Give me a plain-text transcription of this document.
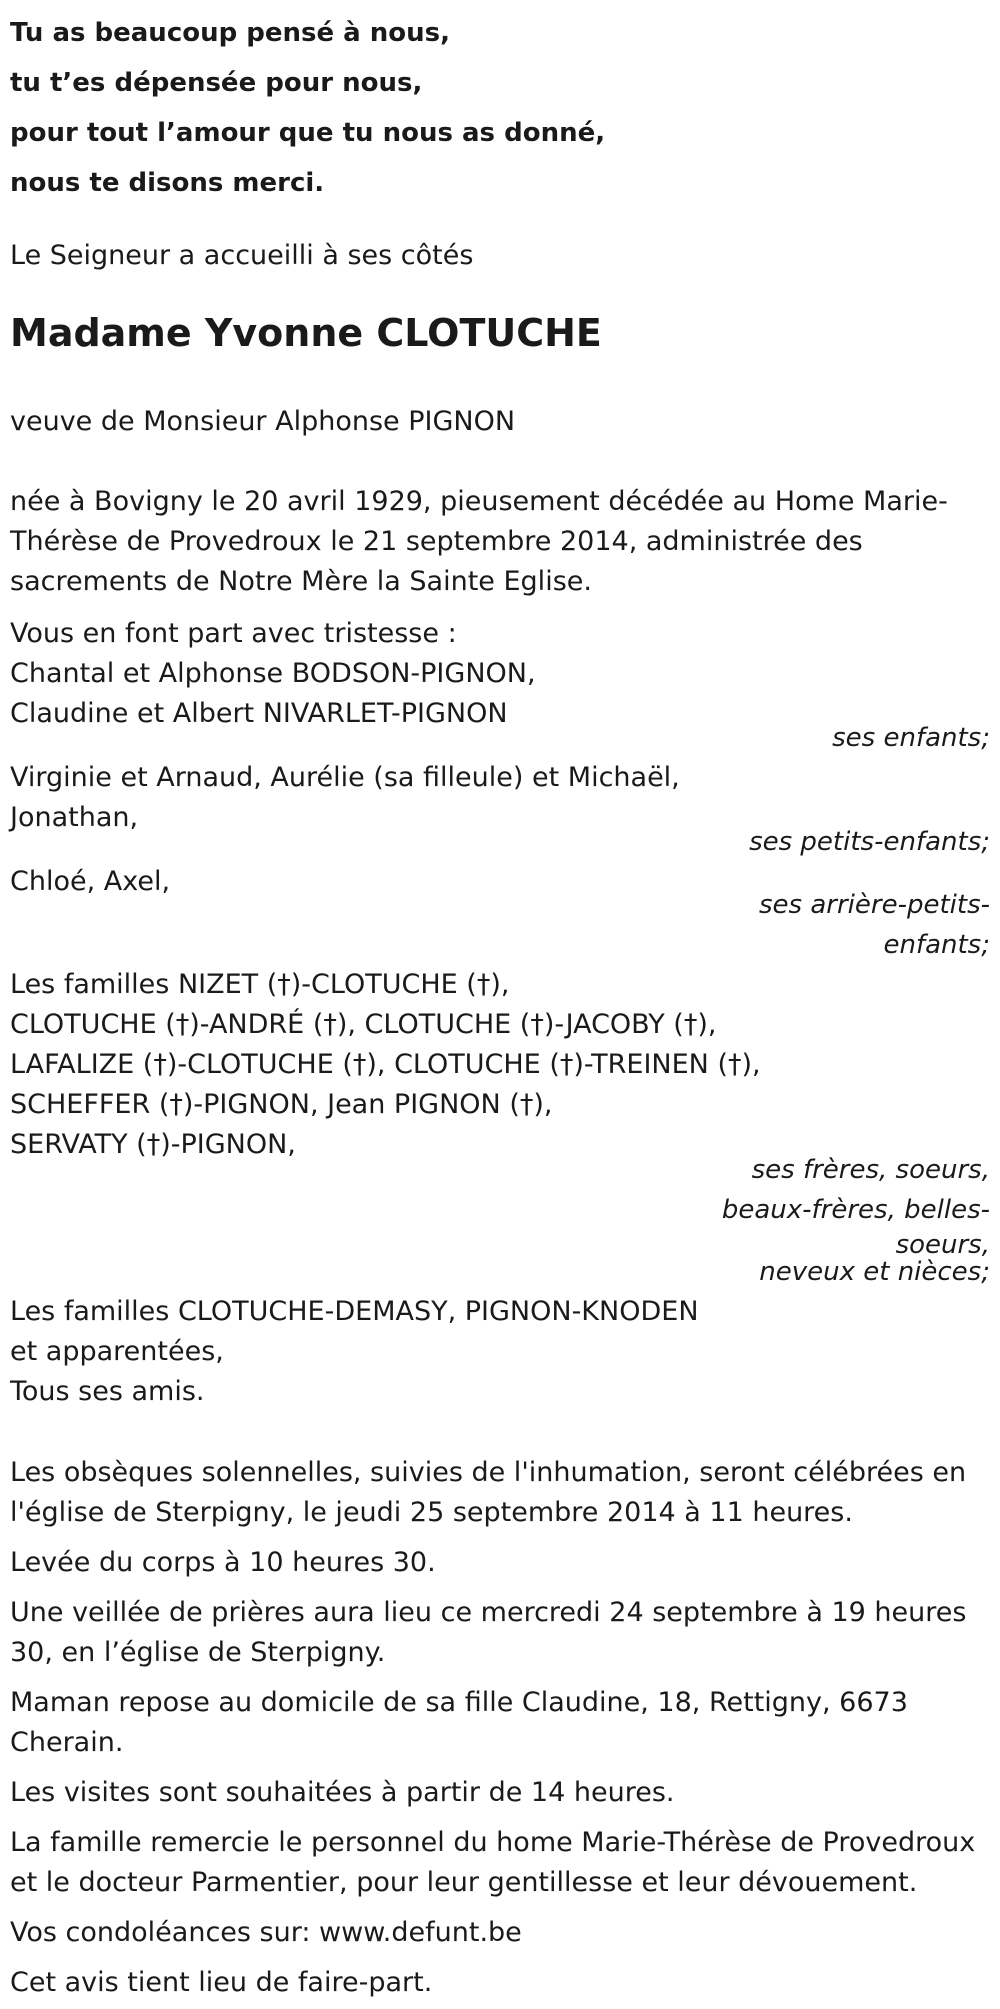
Tu as beaucoup pensé à nous,
tu t’es dépensée pour nous,
pour tout l’amour que tu nous as donné,
nous te disons merci.
Le Seigneur a accueilli à ses côtés
Madame Yvonne CLOTUCHE
veuve de Monsieur Alphonse PIGNON
née à Bovigny le 20 avril 1929, pieusement décédée au Home Marie-
Thérèse de Provedroux le 21 septembre 2014, administrée des
sacrements de Notre Mère la Sainte Eglise.
Vous en font part avec tristesse :
Chantal et Alphonse BODSON-PIGNON,
Claudine et Albert NIVARLET-PIGNON
ses enfants;
Virginie et Arnaud, Aurélie (sa filleule) et Michaël,
Jonathan,
ses petits-enfants;
Chloé, Axel,
ses arrière-petits-
enfants;
Les familles NIZET (†)-CLOTUCHE (†),
CLOTUCHE (†)-ANDRÉ (†), CLOTUCHE (†)-JACOBY (†),
LAFALIZE (†)-CLOTUCHE (†), CLOTUCHE (†)-TREINEN (†),
SCHEFFER (†)-PIGNON, Jean PIGNON (†),
SERVATY (†)-PIGNON,
ses frères, soeurs,
beaux-frères, belles-
soeurs,
neveux et nièces;
Les familles CLOTUCHE-DEMASY, PIGNON-KNODEN
et apparentées,
Tous ses amis.
Les obsèques solennelles, suivies de l'inhumation, seront célébrées en
l'église de Sterpigny, le jeudi 25 septembre 2014 à 11 heures.
Levée du corps à 10 heures 30.
Une veillée de prières aura lieu ce mercredi 24 septembre à 19 heures
30, en l’église de Sterpigny.
Maman repose au domicile de sa fille Claudine, 18, Rettigny, 6673
Cherain.
Les visites sont souhaitées à partir de 14 heures.
La famille remercie le personnel du home Marie-Thérèse de Provedroux
et le docteur Parmentier, pour leur gentillesse et leur dévouement.
Vos condoléances sur: www.defunt.be
Cet avis tient lieu de faire-part.
